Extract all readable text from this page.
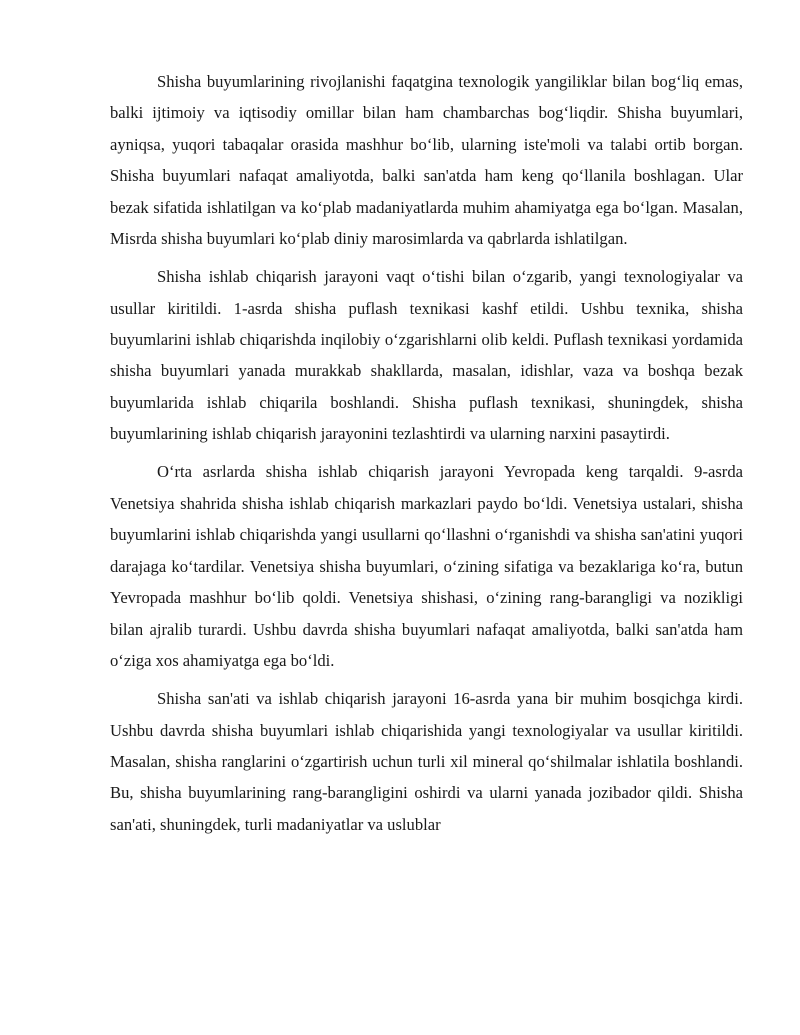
Shisha buyumlarining rivojlanishi faqatgina texnologik yangiliklar bilan bog‘liq emas, balki ijtimoiy va iqtisodiy omillar bilan ham chambarchas bog‘liqdir. Shisha buyumlari, ayniqsa, yuqori tabaqalar orasida mashhur bo‘lib, ularning iste'moli va talabi ortib borgan. Shisha buyumlari nafaqat amaliyotda, balki san'atda ham keng qo‘llanila boshlagan. Ular bezak sifatida ishlatilgan va ko‘plab madaniyatlarda muhim ahamiyatga ega bo‘lgan. Masalan, Misrda shisha buyumlari ko‘plab diniy marosimlarda va qabrlarda ishlatilgan.

Shisha ishlab chiqarish jarayoni vaqt o‘tishi bilan o‘zgarib, yangi texnologiyalar va usullar kiritildi. 1-asrda shisha puflash texnikasi kashf etildi. Ushbu texnika, shisha buyumlarini ishlab chiqarishda inqilobiy o‘zgarishlarni olib keldi. Puflash texnikasi yordamida shisha buyumlari yanada murakkab shakllarda, masalan, idishlar, vaza va boshqa bezak buyumlarida ishlab chiqarila boshlandi. Shisha puflash texnikasi, shuningdek, shisha buyumlarining ishlab chiqarish jarayonini tezlashtirdi va ularning narxini pasaytirdi.

O‘rta asrlarda shisha ishlab chiqarish jarayoni Yevropada keng tarqaldi. 9-asrda Venetsiya shahrida shisha ishlab chiqarish markazlari paydo bo‘ldi. Venetsiya ustalari, shisha buyumlarini ishlab chiqarishda yangi usullarni qo‘llashni o‘rganishdi va shisha san'atini yuqori darajaga ko‘tardilar. Venetsiya shisha buyumlari, o‘zining sifatiga va bezaklariga ko‘ra, butun Yevropada mashhur bo‘lib qoldi. Venetsiya shishasi, o‘zining rang-barangligi va nozikligi bilan ajralib turardi. Ushbu davrda shisha buyumlari nafaqat amaliyotda, balki san'atda ham o‘ziga xos ahamiyatga ega bo‘ldi.

Shisha san'ati va ishlab chiqarish jarayoni 16-asrda yana bir muhim bosqichga kirdi. Ushbu davrda shisha buyumlari ishlab chiqarishida yangi texnologiyalar va usullar kiritildi. Masalan, shisha ranglarini o‘zgartirish uchun turli xil mineral qo‘shilmalar ishlatila boshlandi. Bu, shisha buyumlarining rang-barangligini oshirdi va ularni yanada jozibador qildi. Shisha san'ati, shuningdek, turli madaniyatlar va uslublar
